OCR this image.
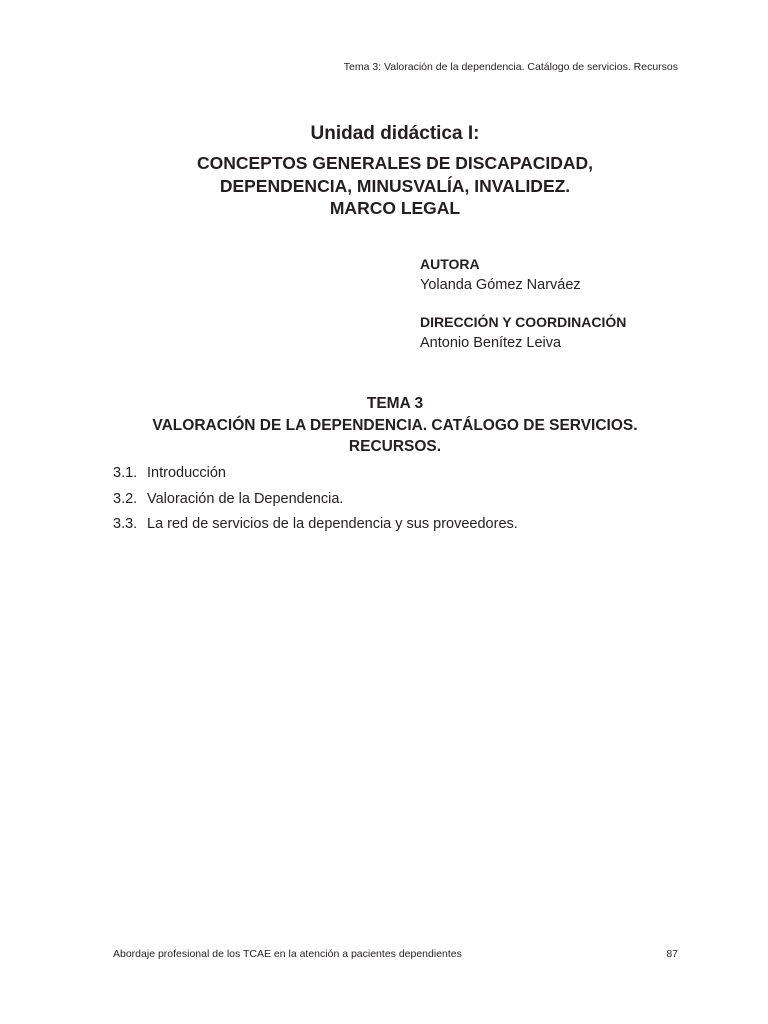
Tema 3: Valoración de la dependencia. Catálogo de servicios. Recursos
Unidad didáctica I:
CONCEPTOS GENERALES DE DISCAPACIDAD,
DEPENDENCIA, MINUSVALÍA, INVALIDEZ.
MARCO LEGAL
AUTORA
Yolanda Gómez Narváez
DIRECCIÓN Y COORDINACIÓN
Antonio Benítez Leiva
TEMA 3
VALORACIÓN DE LA DEPENDENCIA. CATÁLOGO DE SERVICIOS.
RECURSOS.
3.1. Introducción
3.2. Valoración de la Dependencia.
3.3. La red de servicios de la dependencia y sus proveedores.
Abordaje profesional de los TCAE en la atención a pacientes dependientes	87
